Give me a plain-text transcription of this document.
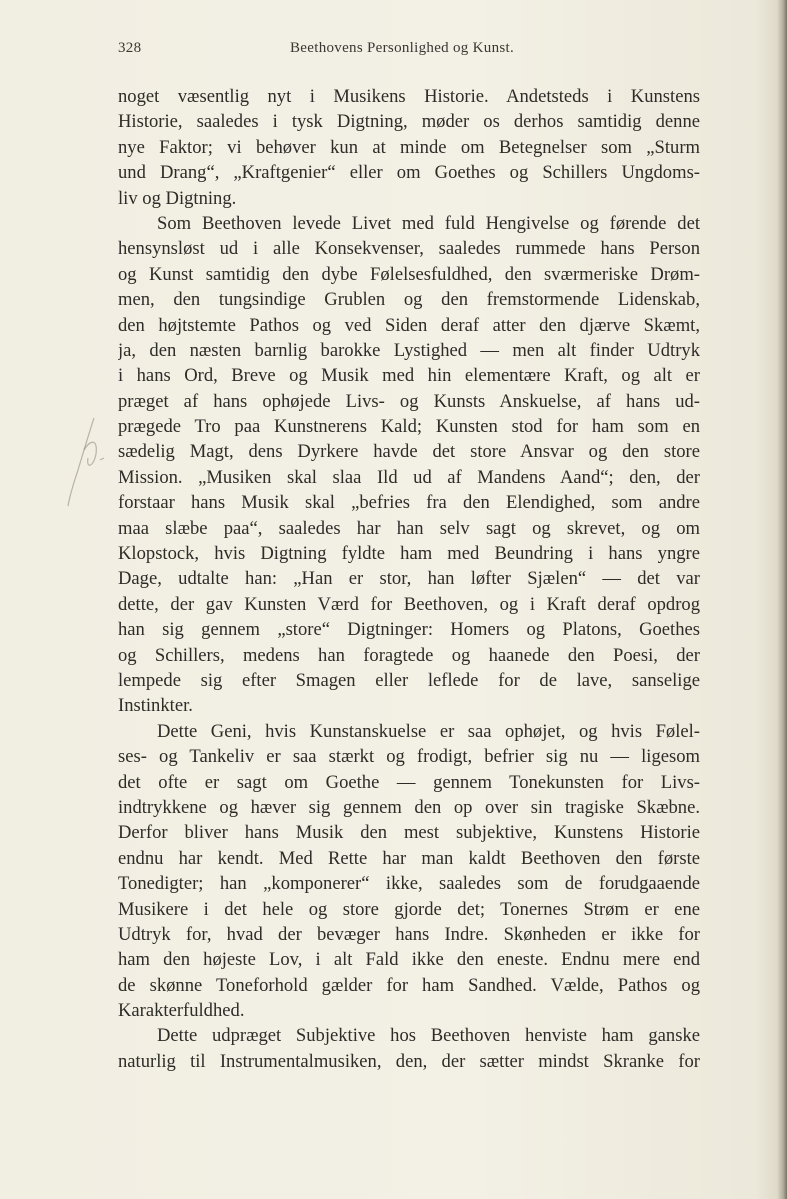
328	Beethovens Personlighed og Kunst.
noget væsentlig nyt i Musikens Historie. Andetsteds i Kunstens
Historie, saaledes i tysk Digtning, møder os derhos samtidig denne
nye Faktor; vi behøver kun at minde om Betegnelser som „Sturm
und Drang“, „Kraftgenier“ eller om Goethes og Schillers Ungdoms-
liv og Digtning.
Som Beethoven levede Livet med fuld Hengivelse og førende det
hensynsløst ud i alle Konsekvenser, saaledes rummede hans Person
og Kunst samtidig den dybe Følelsesfuldhed, den sværmeriske Drøm-
men, den tungsindige Grublen og den fremstormende Lidenskab,
den højtstemte Pathos og ved Siden deraf atter den djærve Skæmt,
ja, den næsten barnlig barokke Lystighed — men alt finder Udtryk
i hans Ord, Breve og Musik med hin elementære Kraft, og alt er
præget af hans ophøjede Livs- og Kunsts Anskuelse, af hans ud-
prægede Tro paa Kunstnerens Kald; Kunsten stod for ham som en
sædelig Magt, dens Dyrkere havde det store Ansvar og den store
Mission. „Musiken skal slaa Ild ud af Mandens Aand“; den, der
forstaar hans Musik skal „befries fra den Elendighed, som andre
maa slæbe paa“, saaledes har han selv sagt og skrevet, og om
Klopstock, hvis Digtning fyldte ham med Beundring i hans yngre
Dage, udtalte han: „Han er stor, han løfter Sjælen“ — det var
dette, der gav Kunsten Værd for Beethoven, og i Kraft deraf opdrog
han sig gennem „store“ Digtninger: Homers og Platons, Goethes
og Schillers, medens han foragtede og haanede den Poesi, der
lempede sig efter Smagen eller leflede for de lave, sanselige
Instinkter.
Dette Geni, hvis Kunstanskuelse er saa ophøjet, og hvis Følel-
ses- og Tankeliv er saa stærkt og frodigt, befrier sig nu — ligesom
det ofte er sagt om Goethe — gennem Tonekunsten for Livs-
indtrykkene og hæver sig gennem den op over sin tragiske Skæbne.
Derfor bliver hans Musik den mest subjektive, Kunstens Historie
endnu har kendt. Med Rette har man kaldt Beethoven den første
Tonedigter; han „komponerer“ ikke, saaledes som de forudgaaende
Musikere i det hele og store gjorde det; Tonernes Strøm er ene
Udtryk for, hvad der bevæger hans Indre. Skønheden er ikke for
ham den højeste Lov, i alt Fald ikke den eneste. Endnu mere end
de skønne Toneforhold gælder for ham Sandhed. Vælde, Pathos og
Karakterfuldhed.
Dette udpræget Subjektive hos Beethoven henviste ham ganske
naturlig til Instrumentalmusiken, den, der sætter mindst Skranke for
